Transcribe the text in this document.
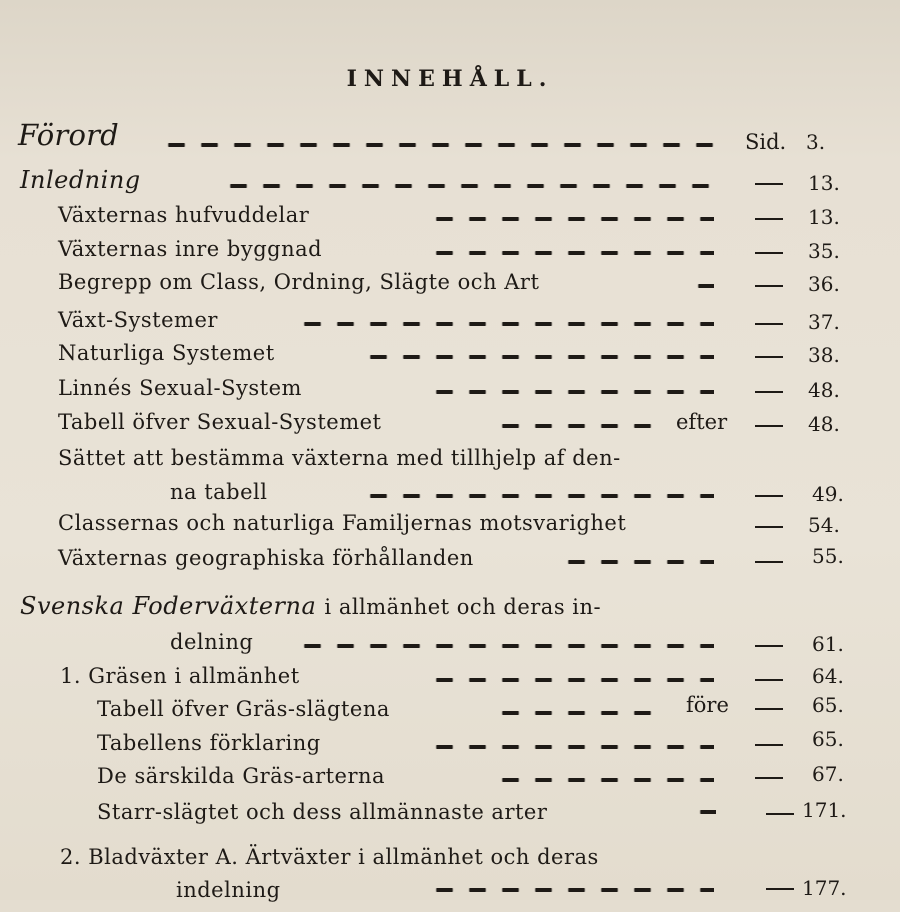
INNEHÅLL.
Förord	Sid. 3.
Inledning	13.
Växternas hufvuddelar	13.
Växternas inre byggnad	35.
Begrepp om Class, Ordning, Slägte och Art	36.
Växt-Systemer	37.
Naturliga Systemet	38.
Linnés Sexual-System	48.
Tabell öfver Sexual-Systemet	efter	48.
Sättet att bestämma växterna med tillhjelp af den-
na tabell	49.
Classernas och naturliga Familjernas motsvarighet	54.
Växternas geographiska förhållanden	55.
Svenska Foderväxterna i allmänhet och deras in-
delning	61.
1. Gräsen i allmänhet	64.
Tabell öfver Gräs-slägtena	före	65.
Tabellens förklaring	65.
De särskilda Gräs-arterna	67.
Starr-slägtet och dess allmännaste arter	171.
2. Bladväxter A. Ärtväxter i allmänhet och deras
indelning	177.
